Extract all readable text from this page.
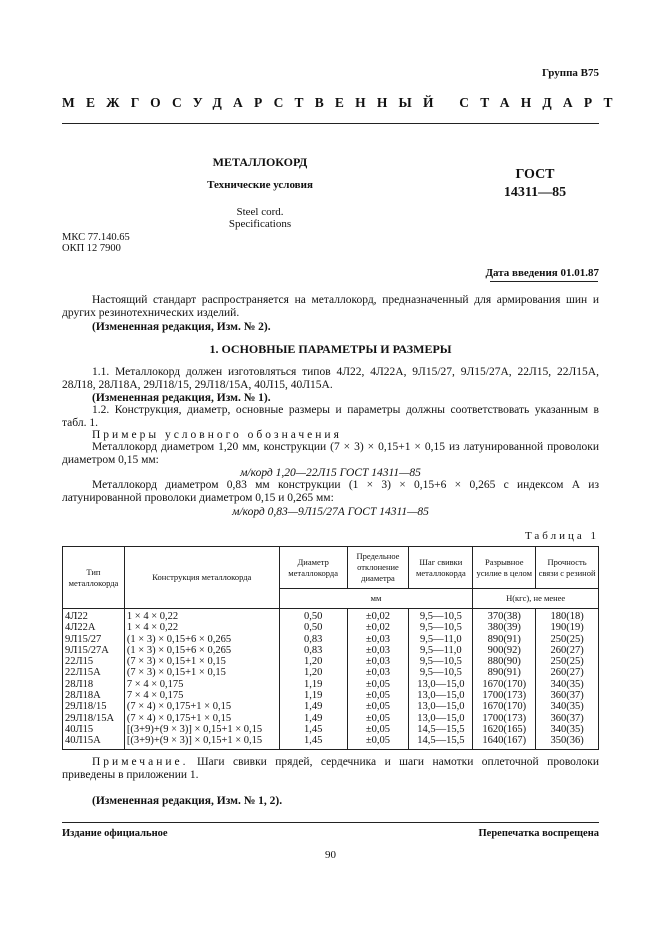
Группа В75
МЕЖГОСУДАРСТВЕННЫЙ СТАНДАРТ
МЕТАЛЛОКОРД
Технические условия
Steel cord.
Specifications
ГОСТ
14311—85
МКС 77.140.65
ОКП 12 7900
Дата введения 01.01.87
Настоящий стандарт распространяется на металлокорд, предназначенный для армирования шин и других резинотехнических изделий.
(Измененная редакция, Изм. № 2).
1. ОСНОВНЫЕ ПАРАМЕТРЫ И РАЗМЕРЫ
1.1. Металлокорд должен изготовляться типов 4Л22, 4Л22А, 9Л15/27, 9Л15/27А, 22Л15, 22Л15А, 28Л18, 28Л18А, 29Л18/15, 29Л18/15А, 40Л15, 40Л15А.
(Измененная редакция, Изм. № 1).
1.2. Конструкция, диаметр, основные размеры и параметры должны соответствовать указанным в табл. 1.
Примеры условного обозначения
Металлокорд диаметром 1,20 мм, конструкции (7 × 3) × 0,15+1 × 0,15 из латунированной проволоки диаметром 0,15 мм:
м/корд 1,20—22Л15 ГОСТ 14311—85
Металлокорд диаметром 0,83 мм конструкции (1 × 3) × 0,15+6 × 0,265 с индексом А из латунированной проволоки диаметром 0,15 и 0,265 мм:
м/корд 0,83—9Л15/27А ГОСТ 14311—85
Таблица 1
Тип металлокорда	Конструкция металлокорда	Диаметр металлокорда	Предельное отклонение диаметра	Шаг свивки металлокорда	Разрывное усилие в целом	Прочность связи с резиной
		мм			Н(кгс), не менее	
4Л22	1 × 4 × 0,22	0,50	±0,02	9,5—10,5	370(38)	180(18)
4Л22А	1 × 4 × 0,22	0,50	±0,02	9,5—10,5	380(39)	190(19)
9Л15/27	(1 × 3) × 0,15+6 × 0,265	0,83	±0,03	9,5—11,0	890(91)	250(25)
9Л15/27А	(1 × 3) × 0,15+6 × 0,265	0,83	±0,03	9,5—11,0	900(92)	260(27)
22Л15	(7 × 3) × 0,15+1 × 0,15	1,20	±0,03	9,5—10,5	880(90)	250(25)
22Л15А	(7 × 3) × 0,15+1 × 0,15	1,20	±0,03	9,5—10,5	890(91)	260(27)
28Л18	7 × 4 × 0,175	1,19	±0,05	13,0—15,0	1670(170)	340(35)
28Л18А	7 × 4 × 0,175	1,19	±0,05	13,0—15,0	1700(173)	360(37)
29Л18/15	(7 × 4) × 0,175+1 × 0,15	1,49	±0,05	13,0—15,0	1670(170)	340(35)
29Л18/15А	(7 × 4) × 0,175+1 × 0,15	1,49	±0,05	13,0—15,0	1700(173)	360(37)
40Л15	[(3+9)+(9 × 3)] × 0,15+1 × 0,15	1,45	±0,05	14,5—15,5	1620(165)	340(35)
40Л15А	[(3+9)+(9 × 3)] × 0,15+1 × 0,15	1,45	±0,05	14,5—15,5	1640(167)	350(36)
Примечание. Шаги свивки прядей, сердечника и шаги намотки оплеточной проволоки приведены в приложении 1.
(Измененная редакция, Изм. № 1, 2).
Издание официальное	Перепечатка воспрещена
90
